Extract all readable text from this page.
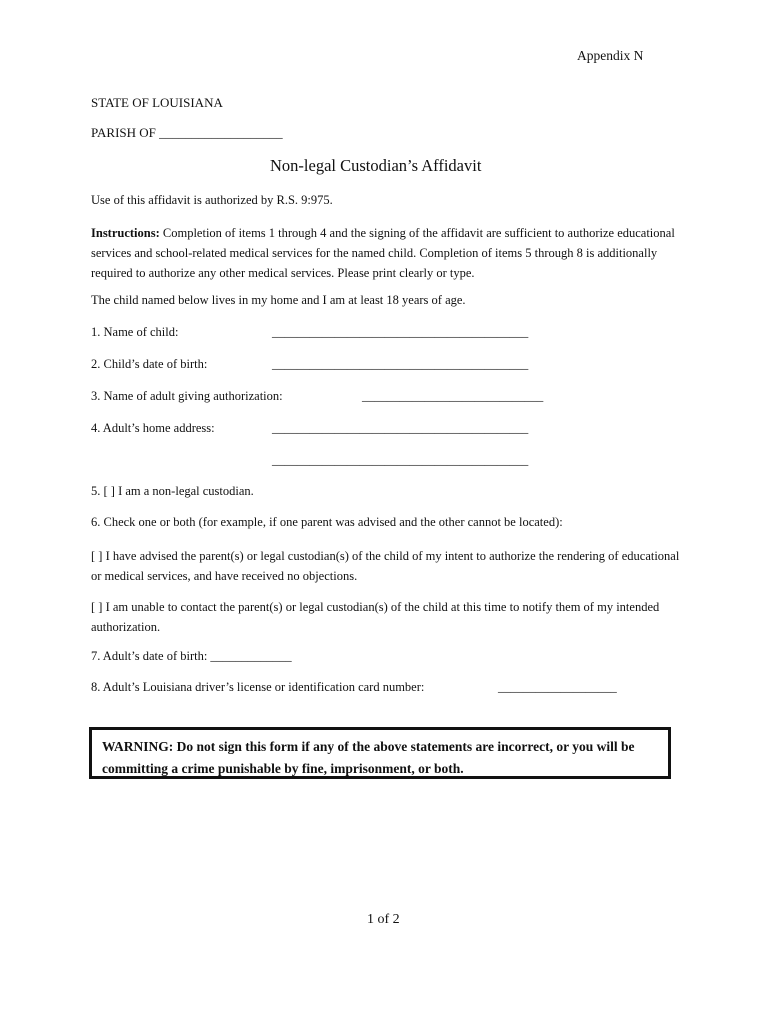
Appendix N
STATE OF LOUISIANA
PARISH OF ___________________
Non-legal Custodian’s Affidavit
Use of this affidavit is authorized by R.S. 9:975.
Instructions: Completion of items 1 through 4 and the signing of the affidavit are sufficient to authorize educational services and school-related medical services for the named child. Completion of items 5 through 8 is additionally required to authorize any other medical services. Please print clearly or type.
The child named below lives in my home and I am at least 18 years of age.
1. Name of child:	_________________________________________
2. Child’s date of birth:	_________________________________________
3. Name of adult giving authorization:	_____________________________
4. Adult’s home address:	_________________________________________
_________________________________________
5. [ ] I am a non-legal custodian.
6. Check one or both (for example, if one parent was advised and the other cannot be located):
[ ] I have advised the parent(s) or legal custodian(s) of the child of my intent to authorize the rendering of educational or medical services, and have received no objections.
[ ] I am unable to contact the parent(s) or legal custodian(s) of the child at this time to notify them of my intended authorization.
7. Adult’s date of birth: _____________
8. Adult’s Louisiana driver’s license or identification card number:	___________________
WARNING: Do not sign this form if any of the above statements are incorrect, or you will be committing a crime punishable by fine, imprisonment, or both.
1 of 2
